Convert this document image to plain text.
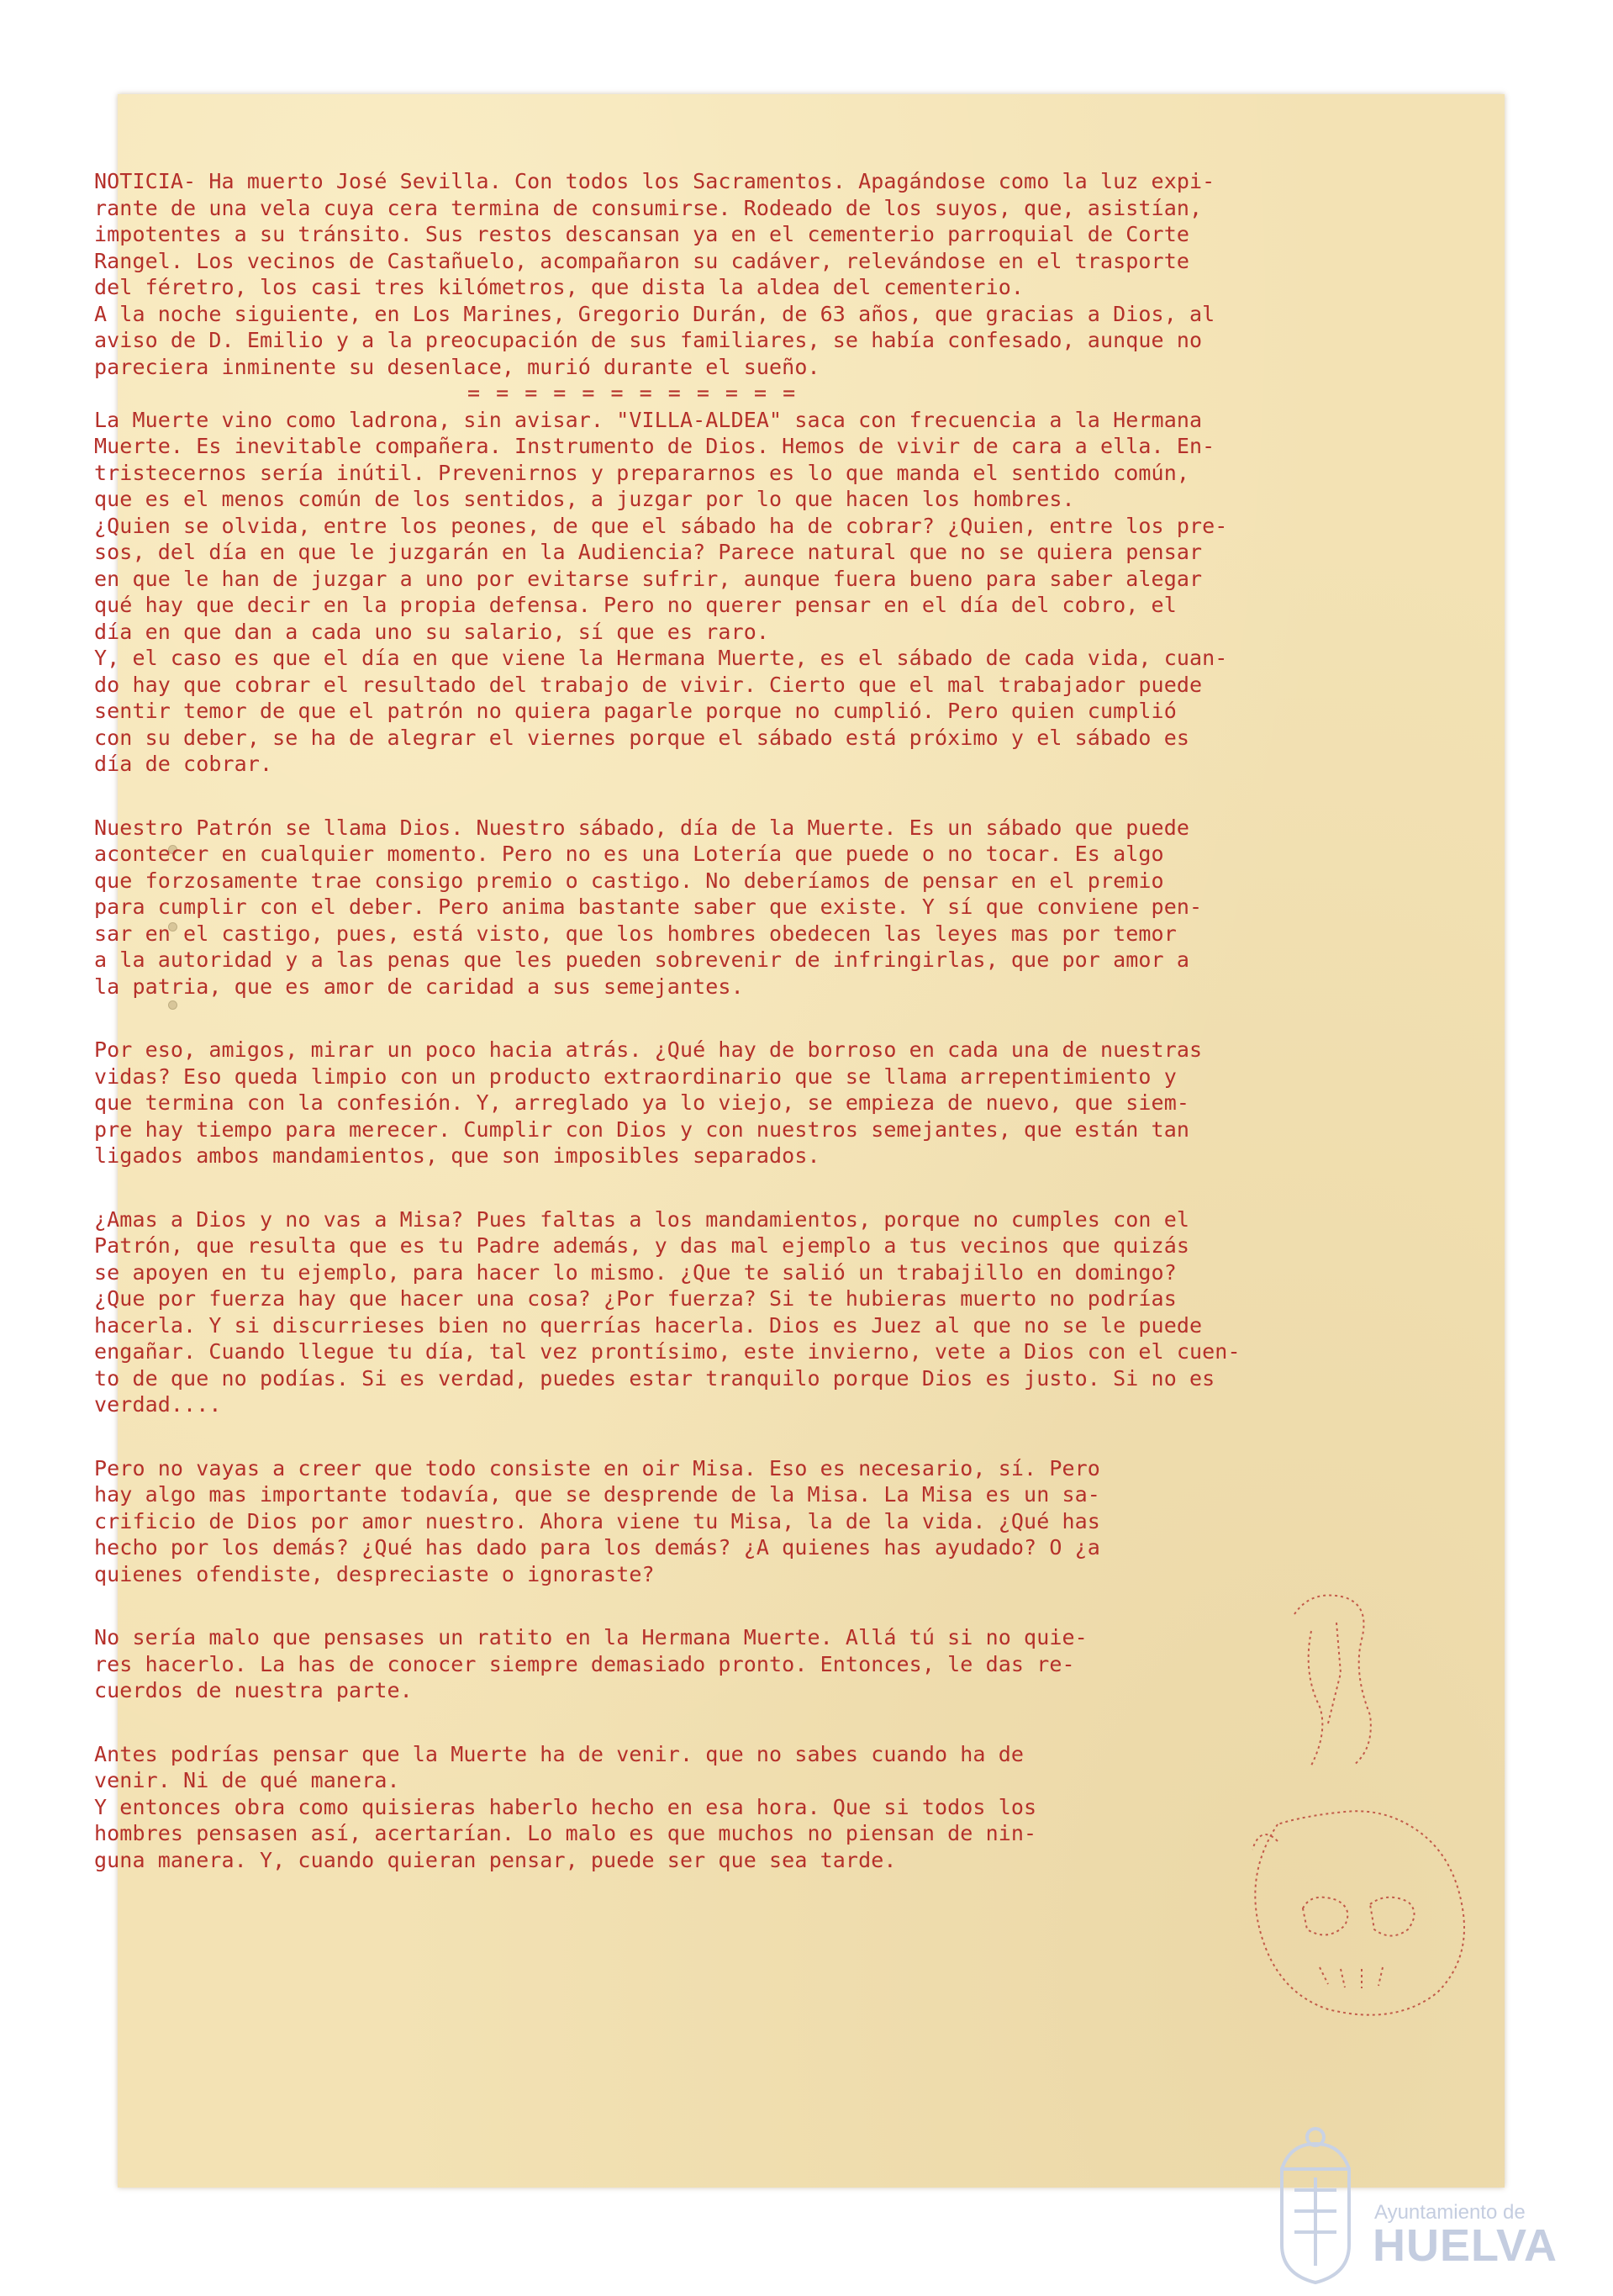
NOTICIA- Ha muerto José Sevilla. Con todos los Sacramentos. Apagándose como la luz expi-

rante de una vela cuya cera termina de consumirse. Rodeado de los suyos, que, asistían,

impotentes a su tránsito. Sus restos descansan ya en el cementerio parroquial de Corte

Rangel. Los vecinos de Castañuelo, acompañaron su cadáver, relevándose en el trasporte

del féretro, los casi tres kilómetros, que dista la aldea del cementerio.

A la noche siguiente, en Los Marines, Gregorio Durán, de 63 años, que gracias a Dios, al

aviso de D. Emilio y a la preocupación de sus familiares, se había confesado, aunque no

pareciera inminente su desenlace, murió durante el sueño.

= = = = = = = = = = = =

La Muerte vino como ladrona, sin avisar. "VILLA-ALDEA" saca con frecuencia a la Hermana

Muerte. Es inevitable compañera. Instrumento de Dios. Hemos de vivir de cara a ella. En-

tristecernos sería inútil. Prevenirnos y prepararnos es lo que manda el sentido común,

que es el menos común de los sentidos, a juzgar por lo que hacen los hombres.

¿Quien se olvida, entre los peones, de que el sábado ha de cobrar? ¿Quien, entre los pre-

sos, del día en que le juzgarán en la Audiencia? Parece natural que no se quiera pensar

en que le han de juzgar a uno por evitarse sufrir, aunque fuera bueno para saber alegar

qué hay que decir en la propia defensa. Pero no querer pensar en el día del cobro, el

día en que dan a cada uno su salario, sí que es raro.

Y, el caso es que el día en que viene la Hermana Muerte, es el sábado de cada vida, cuan-

do hay que cobrar el resultado del trabajo de vivir. Cierto que el mal trabajador puede

sentir temor de que el patrón no quiera pagarle porque no cumplió. Pero quien cumplió

con su deber, se ha de alegrar el viernes porque el sábado está próximo y el sábado es

día de cobrar.

Nuestro Patrón se llama Dios. Nuestro sábado, día de la Muerte. Es un sábado que puede

acontecer en cualquier momento. Pero no es una Lotería que puede o no tocar. Es algo

que forzosamente trae consigo premio o castigo. No deberíamos de pensar en el premio

para cumplir con el deber. Pero anima bastante saber que existe. Y sí que conviene pen-

sar en el castigo, pues, está visto, que los hombres obedecen las leyes mas por temor

a la autoridad y a las penas que les pueden sobrevenir de infringirlas, que por amor a

la patria, que es amor de caridad a sus semejantes.

Por eso, amigos, mirar un poco hacia atrás. ¿Qué hay de borroso en cada una de nuestras

vidas? Eso queda limpio con un producto extraordinario que se llama arrepentimiento y

que termina con la confesión. Y, arreglado ya lo viejo, se empieza de nuevo, que siem-

pre hay tiempo para merecer. Cumplir con Dios y con nuestros semejantes, que están tan

ligados ambos mandamientos, que son imposibles separados.

¿Amas a Dios y no vas a Misa? Pues faltas a los mandamientos, porque no cumples con el

Patrón, que resulta que es tu Padre además, y das mal ejemplo a tus vecinos que quizás

se apoyen en tu ejemplo, para hacer lo mismo. ¿Que te salió un trabajillo en domingo?

¿Que por fuerza hay que hacer una cosa? ¿Por fuerza? Si te hubieras muerto no podrías

hacerla. Y si discurrieses bien no querrías hacerla. Dios es Juez al que no se le puede

engañar. Cuando llegue tu día, tal vez prontísimo, este invierno, vete a Dios con el cuen-

to de que no podías. Si es verdad, puedes estar tranquilo porque Dios es justo. Si no es

verdad....

Pero no vayas a creer que todo consiste en oir Misa. Eso es necesario, sí. Pero

hay algo mas importante todavía, que se desprende de la Misa. La Misa es un sa-

crificio de Dios por amor nuestro. Ahora viene tu Misa, la de la vida. ¿Qué has

hecho por los demás? ¿Qué has dado para los demás? ¿A quienes has ayudado? O ¿a

quienes ofendiste, despreciaste o ignoraste?

No sería malo que pensases un ratito en la Hermana Muerte. Allá tú si no quie-

res hacerlo. La has de conocer siempre demasiado pronto. Entonces, le das re-

cuerdos de nuestra parte.

Antes podrías pensar que la Muerte ha de venir. que no sabes cuando ha de

venir. Ni de qué manera.

Y entonces obra como quisieras haberlo hecho en esa hora. Que si todos los

hombres pensasen así, acertarían. Lo malo es que muchos no piensan de nin-

guna manera. Y, cuando quieran pensar, puede ser que sea tarde.

Ayuntamiento de
HUELVA
